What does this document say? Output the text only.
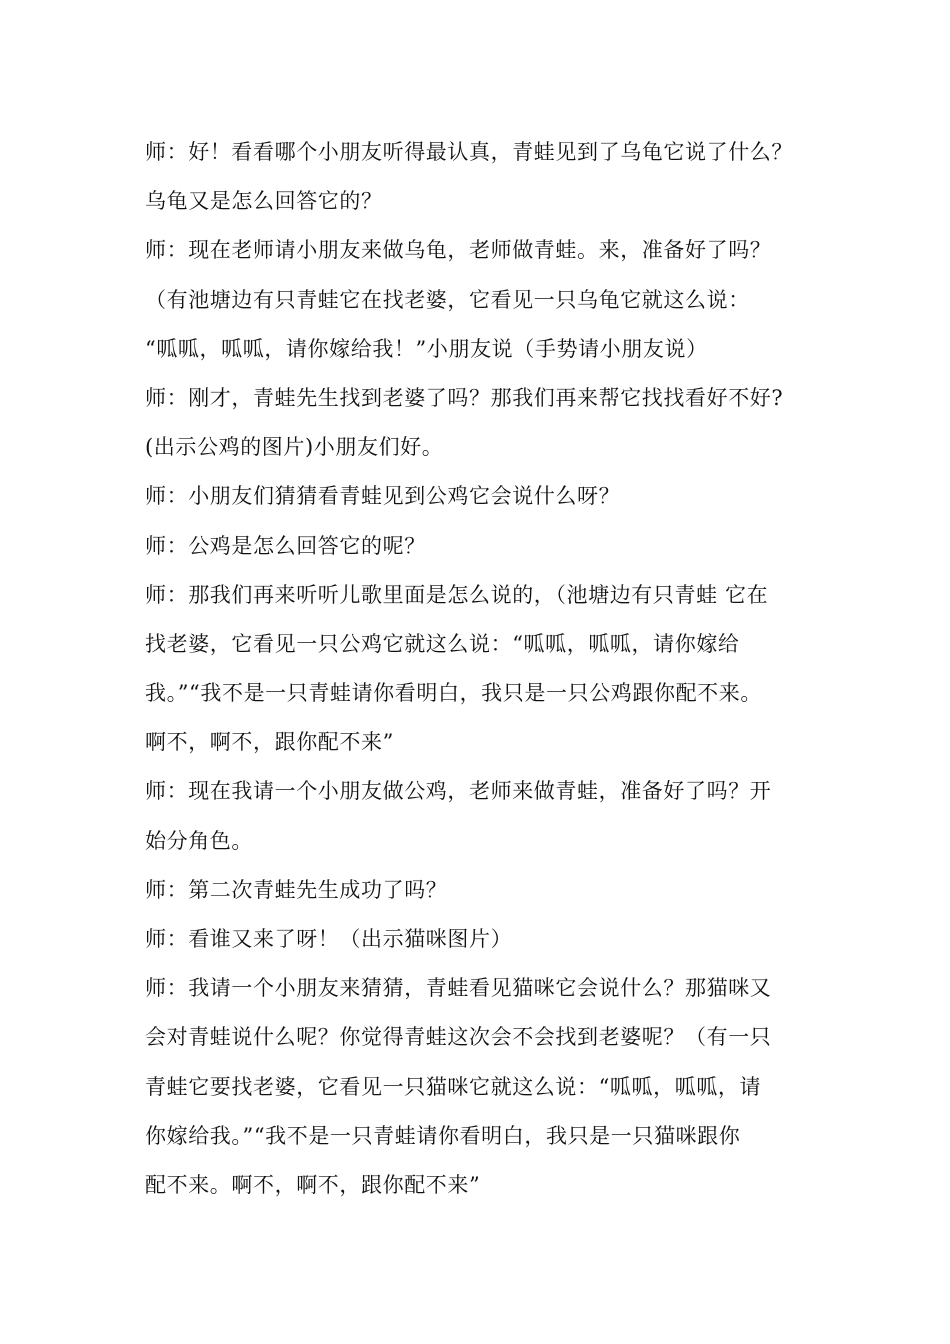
师：好！看看哪个小朋友听得最认真，青蛙见到了乌龟它说了什么？
乌龟又是怎么回答它的？
师：现在老师请小朋友来做乌龟，老师做青蛙。来，准备好了吗？
（有池塘边有只青蛙它在找老婆，它看见一只乌龟它就这么说：
“呱呱，呱呱，请你嫁给我！”小朋友说（手势请小朋友说）
师：刚才，青蛙先生找到老婆了吗？那我们再来帮它找找看好不好?
(出示公鸡的图片)小朋友们好。
师：小朋友们猜猜看青蛙见到公鸡它会说什么呀？
师：公鸡是怎么回答它的呢？
师：那我们再来听听儿歌里面是怎么说的，（池塘边有只青蛙 它在
找老婆，它看见一只公鸡它就这么说：“呱呱，呱呱，请你嫁给
我。”“我不是一只青蛙请你看明白，我只是一只公鸡跟你配不来。
啊不，啊不，跟你配不来”
师：现在我请一个小朋友做公鸡，老师来做青蛙，准备好了吗？开
始分角色。
师：第二次青蛙先生成功了吗？
师：看谁又来了呀！（出示猫咪图片）
师：我请一个小朋友来猜猜，青蛙看见猫咪它会说什么？那猫咪又
会对青蛙说什么呢？你觉得青蛙这次会不会找到老婆呢？（有一只
青蛙它要找老婆，它看见一只猫咪它就这么说：“呱呱，呱呱，请
你嫁给我。”“我不是一只青蛙请你看明白，我只是一只猫咪跟你
配不来。啊不，啊不，跟你配不来”
